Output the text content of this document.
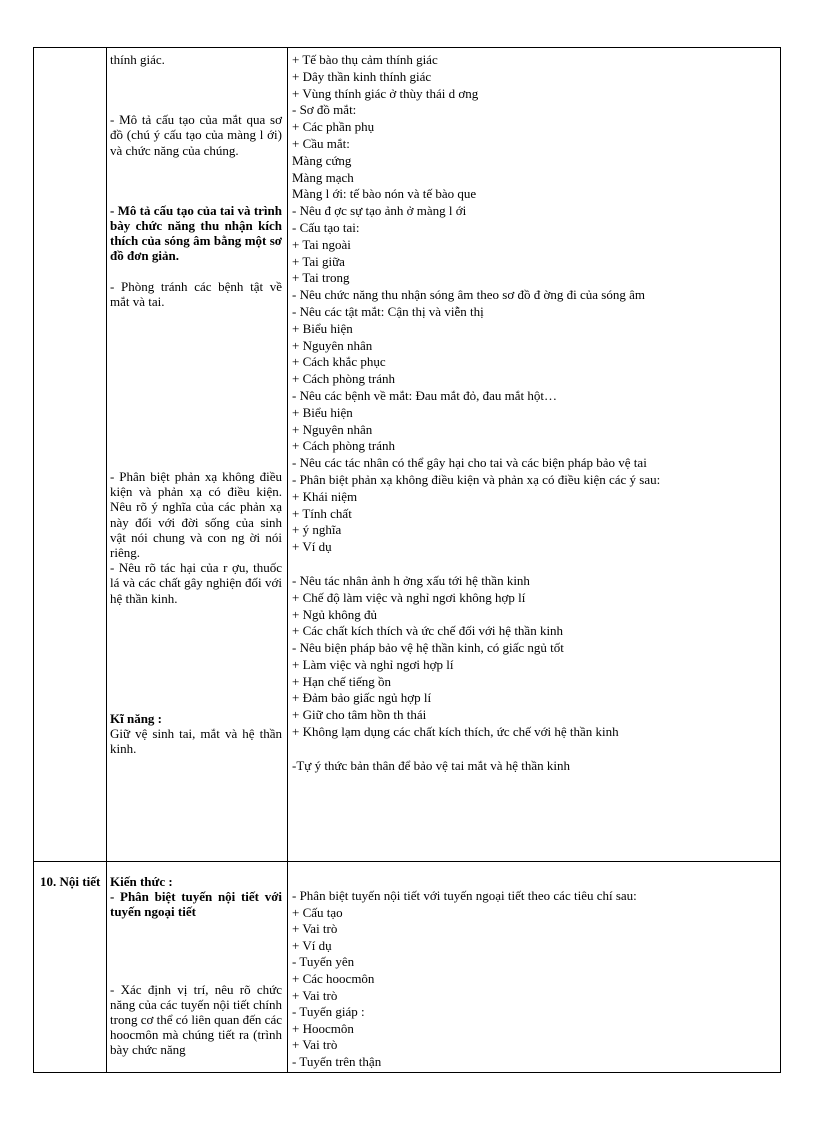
thính giác.

- Mô tả cấu tạo của mắt qua sơ đồ (chú ý cấu tạo của màng l ới) và chức năng của chúng.

- Mô tả cấu tạo của tai và trình bày chức năng thu nhận kích thích của sóng âm bằng một sơ đồ đơn giản.

- Phòng tránh các bệnh tật về mắt và tai.

- Phân biệt phản xạ không điều kiện và phản xạ có điều kiện. Nêu rõ ý nghĩa của các phản xạ này đối với đời sống của sinh vật nói chung và con ng ời nói riêng.

- Nêu rõ tác hại của r ợu, thuốc lá và các chất gây nghiện đối với hệ thần kinh.

Kĩ năng :

Giữ vệ sinh tai, mắt và hệ thần kinh.

+ Tế bào thụ cảm thính giác

+ Dây thần kinh thính giác

+ Vùng thính giác ở thùy thái d ơng

- Sơ đồ mắt:

+ Các phần phụ

+ Cầu mắt:

Màng cứng

Màng mạch

Màng l ới: tế bào nón và tế bào que

- Nêu đ ợc sự tạo ảnh ở màng l ới

- Cấu tạo tai:

+ Tai ngoài

+ Tai giữa

+ Tai trong

- Nêu chức năng thu nhận sóng âm theo sơ đồ đ ờng đi của sóng âm

- Nêu các tật mắt: Cận thị và viễn thị

+ Biểu hiện

+ Nguyên nhân

+ Cách khắc phục

+ Cách phòng tránh

- Nêu các bệnh về mắt: Đau mắt đỏ, đau mắt hột…

+ Biểu hiện

+ Nguyên nhân

+ Cách phòng tránh

- Nêu các tác nhân có thể gây hại cho tai và các biện pháp bảo vệ tai

- Phân biệt phản xạ không điều kiện và phản xạ có điều kiện các ý sau:

+ Khái niệm

+ Tính chất

+ ý nghĩa

+ Ví dụ

- Nêu tác nhân ảnh h ởng xấu tới hệ thần kinh

+ Chế độ làm việc và nghỉ ngơi không hợp lí

+ Ngủ không đủ

+ Các chất kích thích và ức chế đối với hệ thần kinh

- Nêu biện pháp bảo vệ hệ thần kinh, có giấc ngủ tốt

+ Làm việc và nghỉ ngơi hợp lí

+ Hạn chế tiếng ồn

+ Đảm bảo giấc ngủ hợp lí

+ Giữ cho tâm hồn th thái

+ Không lạm dụng các chất kích thích, ức chế với hệ thần kinh

-Tự ý thức bản thân để bảo vệ tai mắt và hệ thần kinh

10. Nội tiết Kiến thức :

- Phân biệt tuyến nội tiết với tuyến ngoại tiết

- Xác định vị trí, nêu rõ chức năng của các tuyến nội tiết chính trong cơ thể có liên quan đến các hoocmôn mà chúng tiết ra (trình bày chức năng

- Phân biệt tuyến nội tiết với tuyến ngoại tiết theo các tiêu chí sau:

+ Cấu tạo

+ Vai trò

+ Ví dụ

- Tuyến yên

+ Các hoocmôn

+ Vai trò

- Tuyến giáp :

+ Hoocmôn

+ Vai trò

- Tuyến trên thận
